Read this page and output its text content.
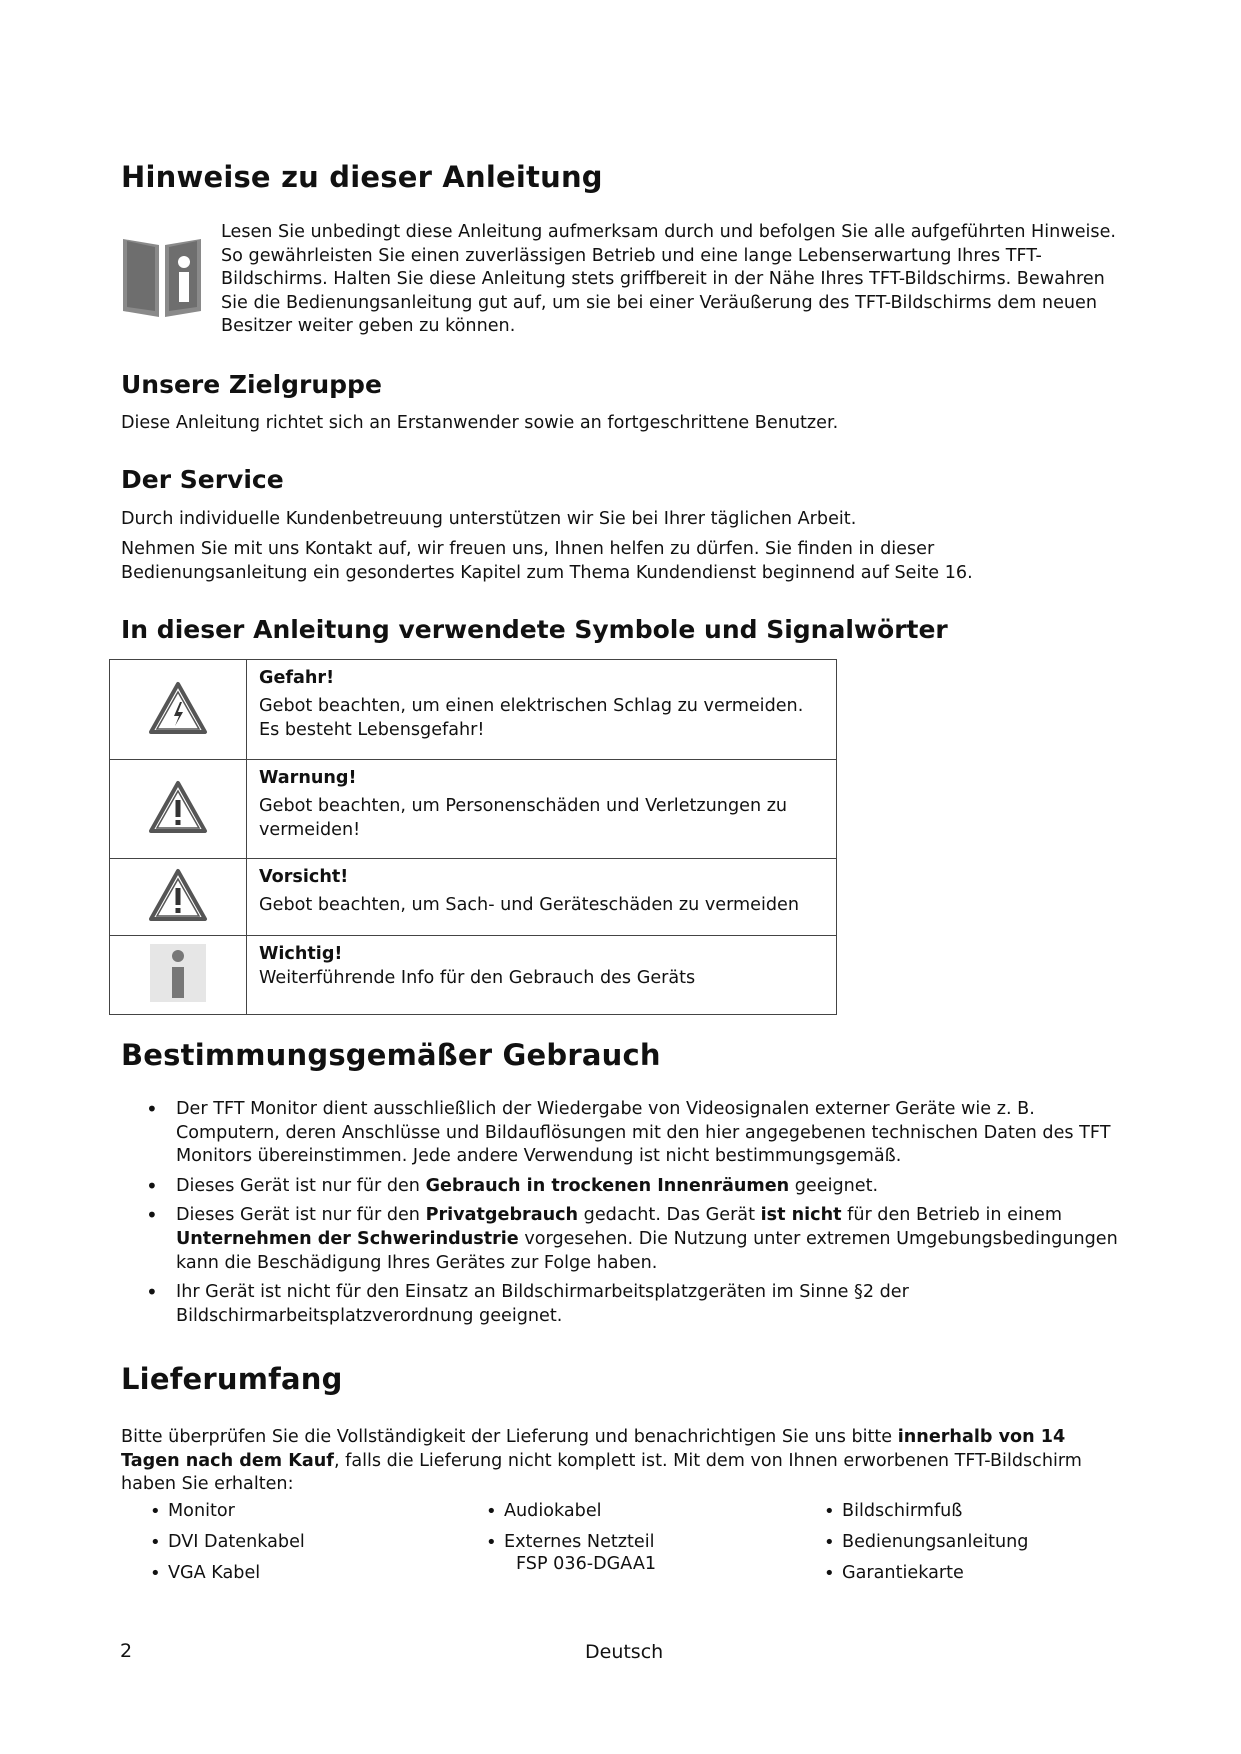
Hinweise zu dieser Anleitung

Lesen Sie unbedingt diese Anleitung aufmerksam durch und befolgen Sie alle aufgeführten Hinweise. So gewährleisten Sie einen zuverlässigen Betrieb und eine lange Lebenserwartung Ihres TFT-Bildschirms. Halten Sie diese Anleitung stets griffbereit in der Nähe Ihres TFT-Bildschirms. Bewahren Sie die Bedienungsanleitung gut auf, um sie bei einer Veräußerung des TFT-Bildschirms dem neuen Besitzer weiter geben zu können.

Unsere Zielgruppe

Diese Anleitung richtet sich an Erstanwender sowie an fortgeschrittene Benutzer.

Der Service

Durch individuelle Kundenbetreuung unterstützen wir Sie bei Ihrer täglichen Arbeit.

Nehmen Sie mit uns Kontakt auf, wir freuen uns, Ihnen helfen zu dürfen. Sie finden in dieser Bedienungsanleitung ein gesondertes Kapitel zum Thema Kundendienst beginnend auf Seite 16.

In dieser Anleitung verwendete Symbole und Signalwörter

Gefahr!
Gebot beachten, um einen elektrischen Schlag zu vermeiden.
Es besteht Lebensgefahr!

Warnung!
Gebot beachten, um Personenschäden und Verletzungen zu
vermeiden!

Vorsicht!
Gebot beachten, um Sach- und Geräteschäden zu vermeiden

Wichtig!
Weiterführende Info für den Gebrauch des Geräts
Bestimmungsgemäßer Gebrauch
• Der TFT Monitor dient ausschließlich der Wiedergabe von Videosignalen externer Geräte wie z. B. Computern, deren Anschlüsse und Bildauflösungen mit den hier angegebenen technischen Daten des TFT Monitors übereinstimmen. Jede andere Verwendung ist nicht bestimmungsgemäß.
• Dieses Gerät ist nur für den Gebrauch in trockenen Innenräumen geeignet.
• Dieses Gerät ist nur für den Privatgebrauch gedacht. Das Gerät ist nicht für den Betrieb in einem Unternehmen der Schwerindustrie vorgesehen. Die Nutzung unter extremen Umgebungsbedingungen kann die Beschädigung Ihres Gerätes zur Folge haben.
• Ihr Gerät ist nicht für den Einsatz an Bildschirmarbeitsplatzgeräten im Sinne §2 der Bildschirmarbeitsplatzverordnung geeignet.
Lieferumfang

Bitte überprüfen Sie die Vollständigkeit der Lieferung und benachrichtigen Sie uns bitte innerhalb von 14 Tagen nach dem Kauf, falls die Lieferung nicht komplett ist. Mit dem von Ihnen erworbenen TFT-Bildschirm haben Sie erhalten:

• Monitor
• DVI Datenkabel
• VGA Kabel
• Audiokabel
• Externes Netzteil
FSP 036-DGAA1
• Bildschirmfuß
• Bedienungsanleitung
• Garantiekarte
2	Deutsch
